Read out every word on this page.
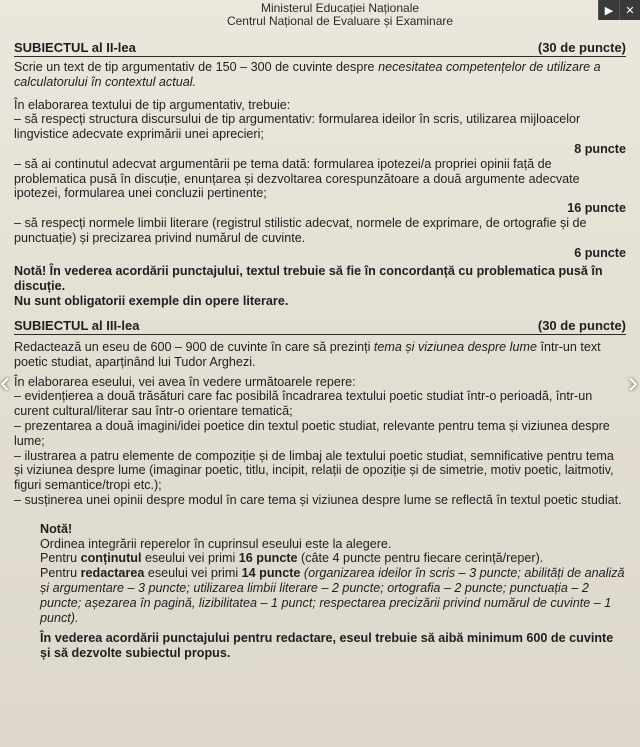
Ministerul Educației Naționale
Centrul Național de Evaluare și Examinare
▶	✕
SUBIECTUL al II-lea	(30 de puncte)

Scrie un text de tip argumentativ de 150 – 300 de cuvinte despre necesitatea competențelor de utilizare a calculatorului în contextul actual.

În elaborarea textului de tip argumentativ, trebuie:

– să respecți structura discursului de tip argumentativ: formularea ideilor în scris, utilizarea mijloacelor lingvistice adecvate exprimării unei aprecieri;

8 puncte

– să ai continutul adecvat argumentării pe tema dată: formularea ipotezei/a propriei opinii față de problematica pusă în discuție, enunțarea și dezvoltarea corespunzătoare a două argumente adecvate ipotezei, formularea unei concluzii pertinente;

16 puncte

– să respecți normele limbii literare (registrul stilistic adecvat, normele de exprimare, de ortografie și de punctuație) și precizarea privind numărul de cuvinte.

6 puncte

Notă! În vederea acordării punctajului, textul trebuie să fie în concordanță cu problematica pusă în discuție.

Nu sunt obligatorii exemple din opere literare.

SUBIECTUL al III-lea	(30 de puncte)

Redactează un eseu de 600 – 900 de cuvinte în care să prezinți tema și viziunea despre lume într-un text poetic studiat, aparținând lui Tudor Arghezi.

În elaborarea eseului, vei avea în vedere următoarele repere:

– evidențierea a două trăsături care fac posibilă încadrarea textului poetic studiat într-o perioadă, într-un curent cultural/literar sau într-o orientare tematică;

– prezentarea a două imagini/idei poetice din textul poetic studiat, relevante pentru tema și viziunea despre lume;

– ilustrarea a patru elemente de compoziție și de limbaj ale textului poetic studiat, semnificative pentru tema și viziunea despre lume (imaginar poetic, titlu, incipit, relații de opoziție și de simetrie, motiv poetic, laitmotiv, figuri semantice/tropi etc.);

– susținerea unei opinii despre modul în care tema și viziunea despre lume se reflectă în textul poetic studiat.

Notă!

Ordinea integrării reperelor în cuprinsul eseului este la alegere.

Pentru conținutul eseului vei primi 16 puncte (câte 4 puncte pentru fiecare cerință/reper).

Pentru redactarea eseului vei primi 14 puncte (organizarea ideilor în scris – 3 puncte; abilități de analiză și argumentare – 3 puncte; utilizarea limbii literare – 2 puncte; ortografia – 2 puncte; punctuația – 2 puncte; așezarea în pagină, lizibilitatea – 1 punct; respectarea precizării privind numărul de cuvinte – 1 punct).

În vederea acordării punctajului pentru redactare, eseul trebuie să aibă minimum 600 de cuvinte și să dezvolte subiectul propus.

‹	›
